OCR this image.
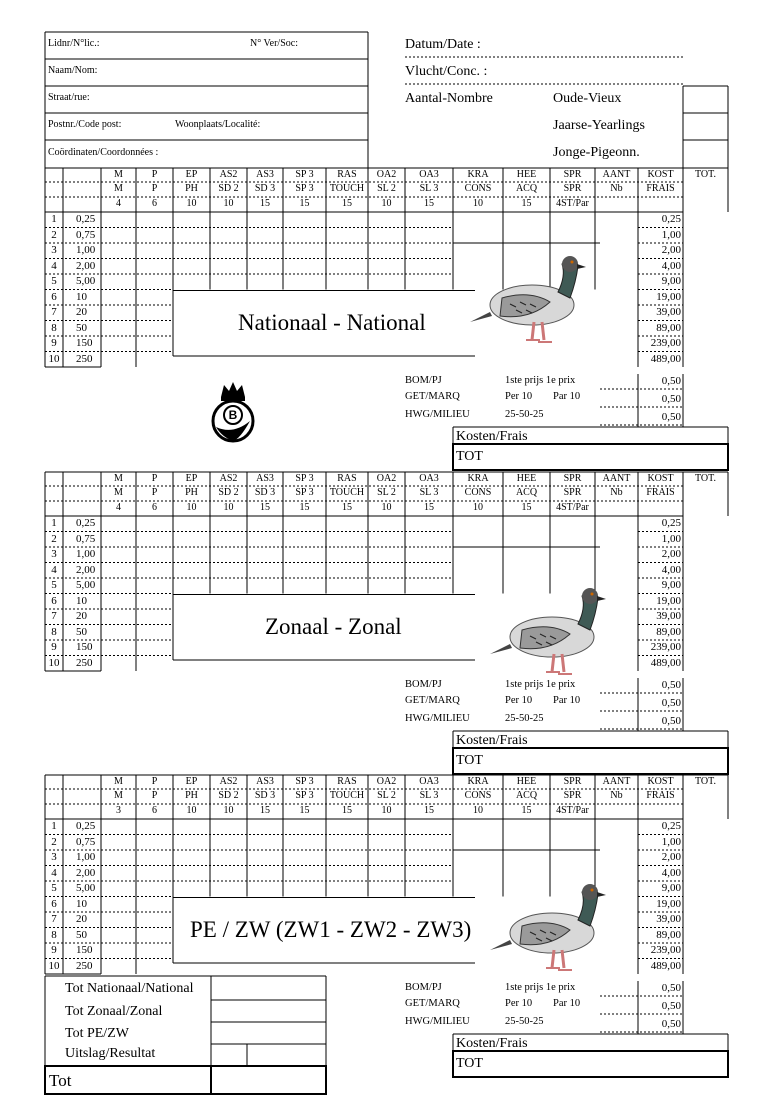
Lidnr/N°lic.:	N° Ver/Soc:
Naam/Nom:
Straat/rue:
Postnr./Code post:	Woonplaats/Localité:
Coördinaten/Coordonnées :
Datum/Date :
Vlucht/Conc. :
Aantal-Nombre	Oude-Vieux
Jaarse-Yearlings
Jonge-Pigeonn.
M	P	EP	AS2	AS3	SP 3	RAS	OA2	OA3	KRA	HEE	SPR	AANT	KOST	TOT.
M	P	PH	SD 2	SD 3	SP 3	TOUCH	SL 2	SL 3	CONS	ACQ	SPR	Nb	FRAIS
4	6	10	10	15	15	15	10	15	10	15	4ST/Par
1	0,25	0,25
2	0,75	1,00
3	1,00	2,00
4	2,00	4,00
5	5,00	9,00
6	10	19,00
7	20	39,00
8	50	89,00
9	150	239,00
10	250	489,00
Nationaal - National
BOM/PJ	1ste prijs 1e prix
GET/MARQ	Per 10 Par 10
HWG/MILIEU	25-50-25
0,50
0,50
0,50
Kosten/Frais
TOT
M	P	EP	AS2	AS3	SP 3	RAS	OA2	OA3	KRA	HEE	SPR	AANT	KOST	TOT.
M	P	PH	SD 2	SD 3	SP 3	TOUCH	SL 2	SL 3	CONS	ACQ	SPR	Nb	FRAIS
4	6	10	10	15	15	15	10	15	10	15	4ST/Par
1	0,25	0,25
2	0,75	1,00
3	1,00	2,00
4	2,00	4,00
5	5,00	9,00
6	10	19,00
7	20	39,00
8	50	89,00
9	150	239,00
10	250	489,00
Zonaal - Zonal
BOM/PJ	1ste prijs 1e prix
GET/MARQ	Per 10 Par 10
HWG/MILIEU	25-50-25
0,50
0,50
0,50
Kosten/Frais
TOT
M	P	EP	AS2	AS3	SP 3	RAS	OA2	OA3	KRA	HEE	SPR	AANT	KOST	TOT.
M	P	PH	SD 2	SD 3	SP 3	TOUCH	SL 2	SL 3	CONS	ACQ	SPR	Nb	FRAIS
3	6	10	10	15	15	15	10	15	10	15	4ST/Par
1	0,25	0,25
2	0,75	1,00
3	1,00	2,00
4	2,00	4,00
5	5,00	9,00
6	10	19,00
7	20	39,00
8	50	89,00
9	150	239,00
10	250	489,00
PE / ZW (ZW1 - ZW2 - ZW3)
BOM/PJ	1ste prijs 1e prix
GET/MARQ	Per 10 Par 10
HWG/MILIEU	25-50-25
0,50
0,50
0,50
Kosten/Frais
TOT
Tot Nationaal/National
Tot Zonaal/Zonal
Tot PE/ZW
Uitslag/Resultat
Tot
B
